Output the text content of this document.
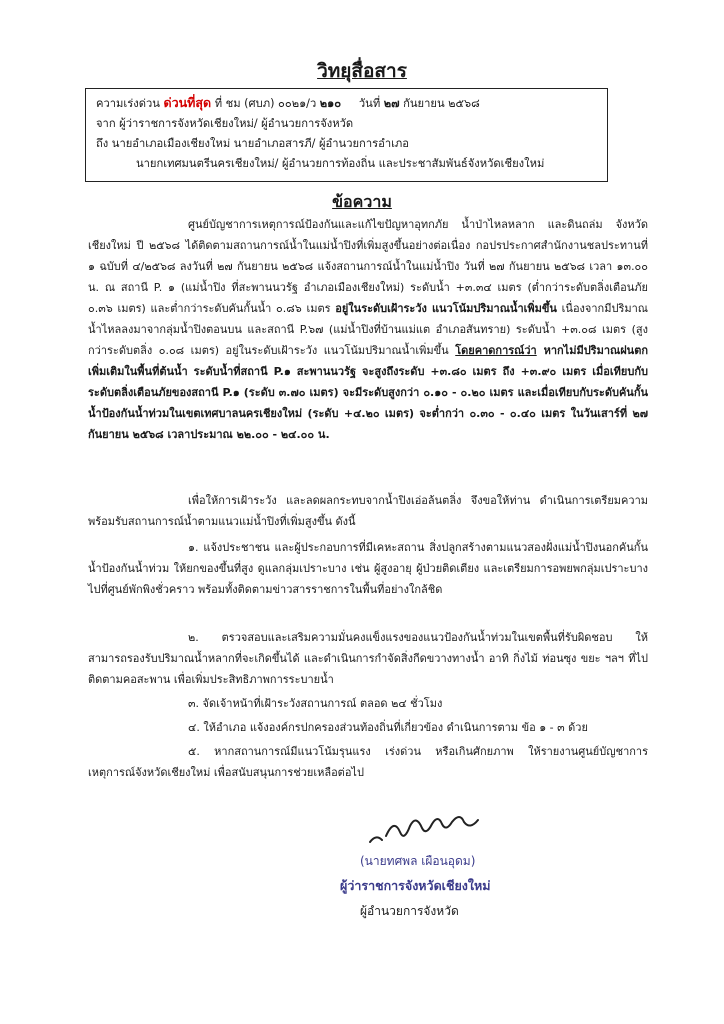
วิทยุสื่อสาร
ความเร่งด่วน ด่วนที่สุด ที่ ชม (ศบภ) ๐๐๒๑/ว ๒๑๐ วันที่ ๒๗ กันยายน ๒๕๖๘
จาก ผู้ว่าราชการจังหวัดเชียงใหม่/ ผู้อำนวยการจังหวัด
ถึง นายอำเภอเมืองเชียงใหม่ นายอำเภอสารภี/ ผู้อำนวยการอำเภอ
นายกเทศมนตรีนครเชียงใหม่/ ผู้อำนวยการท้องถิ่น และประชาสัมพันธ์จังหวัดเชียงใหม่
ข้อความ
ศูนย์บัญชาการเหตุการณ์ป้องกันและแก้ไขปัญหาอุทกภัย น้ำป่าไหลหลาก และดินถล่ม จังหวัดเชียงใหม่ ปี ๒๕๖๘ ได้ติดตามสถานการณ์น้ำในแม่น้ำปิงที่เพิ่มสูงขึ้นอย่างต่อเนื่อง กอปรประกาศสำนักงานชลประทานที่ ๑ ฉบับที่ ๔/๒๕๖๘ ลงวันที่ ๒๗ กันยายน ๒๕๖๘ แจ้งสถานการณ์น้ำในแม่น้ำปิง วันที่ ๒๗ กันยายน ๒๕๖๘ เวลา ๑๓.๐๐ น. ณ สถานี P. ๑ (แม่น้ำปิง ที่สะพานนวรัฐ อำเภอเมืองเชียงใหม่) ระดับน้ำ +๓.๓๔ เมตร (ต่ำกว่าระดับตลิ่งเตือนภัย ๐.๓๖ เมตร) และต่ำกว่าระดับคันกั้นน้ำ ๐.๘๖ เมตร อยู่ในระดับเฝ้าระวัง แนวโน้มปริมาณน้ำเพิ่มขึ้น เนื่องจากมีปริมาณน้ำไหลลงมาจากลุ่มน้ำปิงตอนบน และสถานี P.๖๗ (แม่น้ำปิงที่บ้านแม่แต อำเภอสันทราย) ระดับน้ำ +๓.๐๘ เมตร (สูงกว่าระดับตลิ่ง ๐.๐๘ เมตร) อยู่ในระดับเฝ้าระวัง แนวโน้มปริมาณน้ำเพิ่มขึ้น โดยคาดการณ์ว่า หากไม่มีปริมาณฝนตกเพิ่มเติมในพื้นที่ต้นน้ำ ระดับน้ำที่สถานี P.๑ สะพานนวรัฐ จะสูงถึงระดับ +๓.๘๐ เมตร ถึง +๓.๙๐ เมตร เมื่อเทียบกับระดับตลิ่งเตือนภัยของสถานี P.๑ (ระดับ ๓.๗๐ เมตร) จะมีระดับสูงกว่า ๐.๑๐ - ๐.๒๐ เมตร และเมื่อเทียบกับระดับคันกั้นน้ำป้องกันน้ำท่วมในเขตเทศบาลนครเชียงใหม่ (ระดับ +๔.๒๐ เมตร) จะต่ำกว่า ๐.๓๐ - ๐.๔๐ เมตร ในวันเสาร์ที่ ๒๗ กันยายน ๒๕๖๘ เวลาประมาณ ๒๒.๐๐ - ๒๔.๐๐ น.
เพื่อให้การเฝ้าระวัง และลดผลกระทบจากน้ำปิงเอ่อล้นตลิ่ง จึงขอให้ท่าน ดำเนินการเตรียมความพร้อมรับสถานการณ์น้ำตามแนวแม่น้ำปิงที่เพิ่มสูงขึ้น ดังนี้
๑. แจ้งประชาชน และผู้ประกอบการที่มีเคหะสถาน สิ่งปลูกสร้างตามแนวสองฝั่งแม่น้ำปิงนอกคันกั้นน้ำป้องกันน้ำท่วม ให้ยกของขึ้นที่สูง ดูแลกลุ่มเปราะบาง เช่น ผู้สูงอายุ ผู้ป่วยติดเตียง และเตรียมการอพยพกลุ่มเปราะบางไปที่ศูนย์พักพิงชั่วคราว พร้อมทั้งติดตามข่าวสารราชการในพื้นที่อย่างใกล้ชิด
๒. ตรวจสอบและเสริมความมั่นคงแข็งแรงของแนวป้องกันน้ำท่วมในเขตพื้นที่รับผิดชอบ ให้สามารถรองรับปริมาณน้ำหลากที่จะเกิดขึ้นได้ และดำเนินการกำจัดสิ่งกีดขวางทางน้ำ อาทิ กิ่งไม้ ท่อนซุง ขยะ ฯลฯ ที่ไปติดตามคอสะพาน เพื่อเพิ่มประสิทธิภาพการระบายน้ำ
๓. จัดเจ้าหน้าที่เฝ้าระวังสถานการณ์ ตลอด ๒๔ ชั่วโมง
๔. ให้อำเภอ แจ้งองค์กรปกครองส่วนท้องถิ่นที่เกี่ยวข้อง ดำเนินการตาม ข้อ ๑ - ๓ ด้วย
๕. หากสถานการณ์มีแนวโน้มรุนแรง เร่งด่วน หรือเกินศักยภาพ ให้รายงานศูนย์บัญชาการเหตุการณ์จังหวัดเชียงใหม่ เพื่อสนับสนุนการช่วยเหลือต่อไป
(นายทศพล เผือนอุดม)
ผู้ว่าราชการจังหวัดเชียงใหม่
ผู้อำนวยการจังหวัด
